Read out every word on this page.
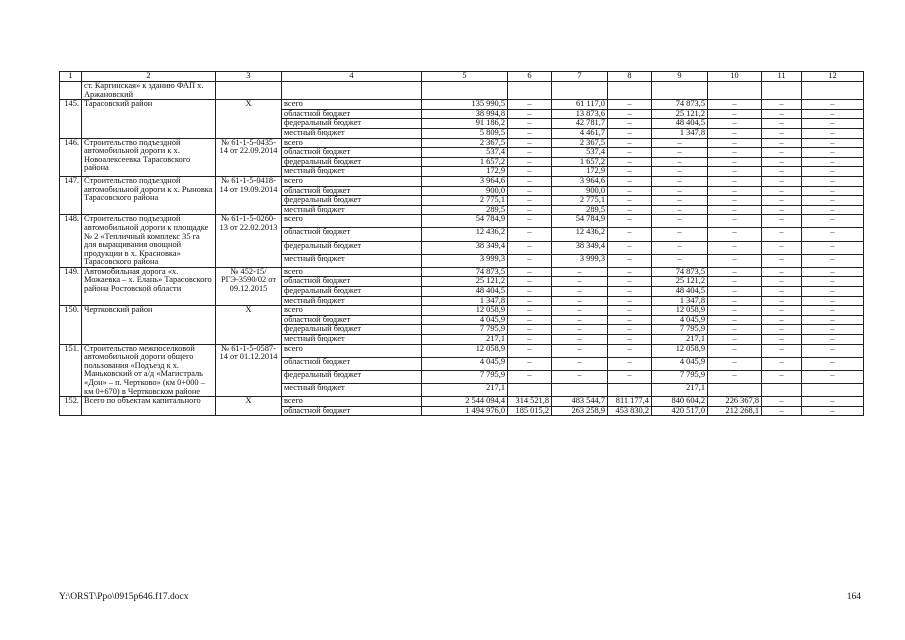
1	2	3	4	5	6	7	8	9	10	11	12
	ст. Каргинская» к зданию ФАП х. Аржановский										
145.	Тарасовский район	Х	всего	135 990,5	–	61 117,0	–	74 873,5	–	–	–
			областной бюджет	38 994,8	–	13 873,6	–	25 121,2	–	–	–
			федеральный бюджет	91 186,2	–	42 781,7	–	48 404,5	–	–	–
			местный бюджет	5 809,5	–	4 461,7	–	1 347,8	–	–	–
146.	Строительство подъездной автомобильной дороги к х. Новоалексеевка Тарасовского района	№ 61-1-5-0435-14 от 22.09.2014	всего	2 367,5	–	2 367,5	–	–	–	–	–
			областной бюджет	537,4	–	537,4	–	–	–	–	–
			федеральный бюджет	1 657,2	–	1 657,2	–	–	–	–	–
			местный бюджет	172,9	–	172,9	–	–	–	–	–
147.	Строительство подъездной автомобильной дороги к х. Рыновка Тарасовского района	№ 61-1-5-0418-14 от 19.09.2014	всего	3 964,6	–	3 964,6	–	–	–	–	–
			областной бюджет	900,0	–	900,0	–	–	–	–	–
			федеральный бюджет	2 775,1	–	2 775,1	–	–	–	–	–
			местный бюджет	289,5	–	289,5	–	–	–	–	–
148.	Строительство подъездной автомобильной дороги к площадке № 2 «Тепличный комплекс 35 га для выращивания овощной продукции в х. Красновка» Тарасовского района	№ 61-1-5-0260-13 от 22.02.2013	всего	54 784,9	–	54 784,9	–	–	–	–	–
			областной бюджет	12 436,2	–	12 436,2	–	–	–	–	–
			федеральный бюджет	38 349,4	–	38 349,4	–	–	–	–	–
			местный бюджет	3 999,3	–	3 999,3	–	–	–	–	–
149.	Автомобильная дорога «х. Можаевка – х. Елань» Тарасовского района Ростовской области	№ 452-15/РГЭ-3590/02 от 09.12.2015	всего	74 873,5	–	–	–	74 873,5	–	–	–
			областной бюджет	25 121,2	–	–	–	25 121,2	–	–	–
			федеральный бюджет	48 404,5	–	–	–	48 404,5	–	–	–
			местный бюджет	1 347,8	–	–	–	1 347,8	–	–	–
150.	Чертковский район	Х	всего	12 058,9	–	–	–	12 058,9	–	–	–
			областной бюджет	4 045,9	–	–	–	4 045,9	–	–	–
			федеральный бюджет	7 795,9	–	–	–	7 795,9	–	–	–
			местный бюджет	217,1	–	–	–	217,1	–	–	–
151.	Строительство межпоселковой автомобильной дороги общего пользования «Подъезд к х. Маньковский от а/д «Магистраль «Дон» – п. Чертково» (км 0+000 – км 0+670) в Чертковском районе	№ 61-1-5-0587-14 от 01.12.2014	всего	12 058,9	–	–	–	12 058,9	–	–	–
			областной бюджет	4 045,9	–	–	–	4 045,9	–	–	–
			федеральный бюджет	7 795,9	–	–	–	7 795,9	–	–	–
			местный бюджет	217,1				217,1			
152.	Всего по объектам капитального	Х	всего	2 544 094,4	314 521,8	483 544,7	811 177,4	840 604,2	226 367,8	–	–
			областной бюджет	1 494 976,0	185 015,2	263 258,9	453 830,2	420 517,0	212 268,1	–	–
Y:\ORST\Ppo\0915p646.f17.docx	164
